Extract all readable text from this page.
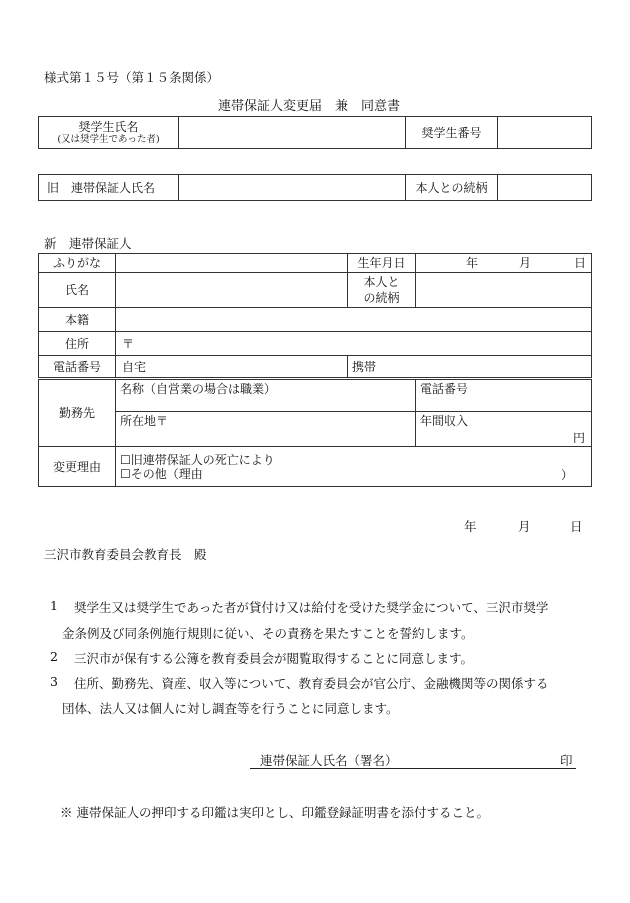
様式第１５号（第１５条関係）
連帯保証人変更届　兼　同意書
奨学生氏名
(又は奨学生であった者)		奨学生番号	
旧　連帯保証人氏名		本人との続柄	
新　連帯保証人
ふりがな		生年月日	年 月 日

氏名		本人との続柄	
本籍			
住所	〒		
電話番号	自宅	携帯	
勤務先	名称（自営業の場合は職業）	電話番号
	所在地〒	年間収入
円

変更理由	☐旧連帯保証人の死亡により
☐その他（理由 ）	
年	月	日
三沢市教育委員会教育長　殿
1 奨学生又は奨学生であった者が貸付け又は給付を受けた奨学金について、三沢市奨学
金条例及び同条例施行規則に従い、その責務を果たすことを誓約します。
2 三沢市が保有する公簿を教育委員会が閲覧取得することに同意します。
3 住所、勤務先、資産、収入等について、教育委員会が官公庁、金融機関等の関係する
団体、法人又は個人に対し調査等を行うことに同意します。
連帯保証人氏名（署名）	印
※ 連帯保証人の押印する印鑑は実印とし、印鑑登録証明書を添付すること。
